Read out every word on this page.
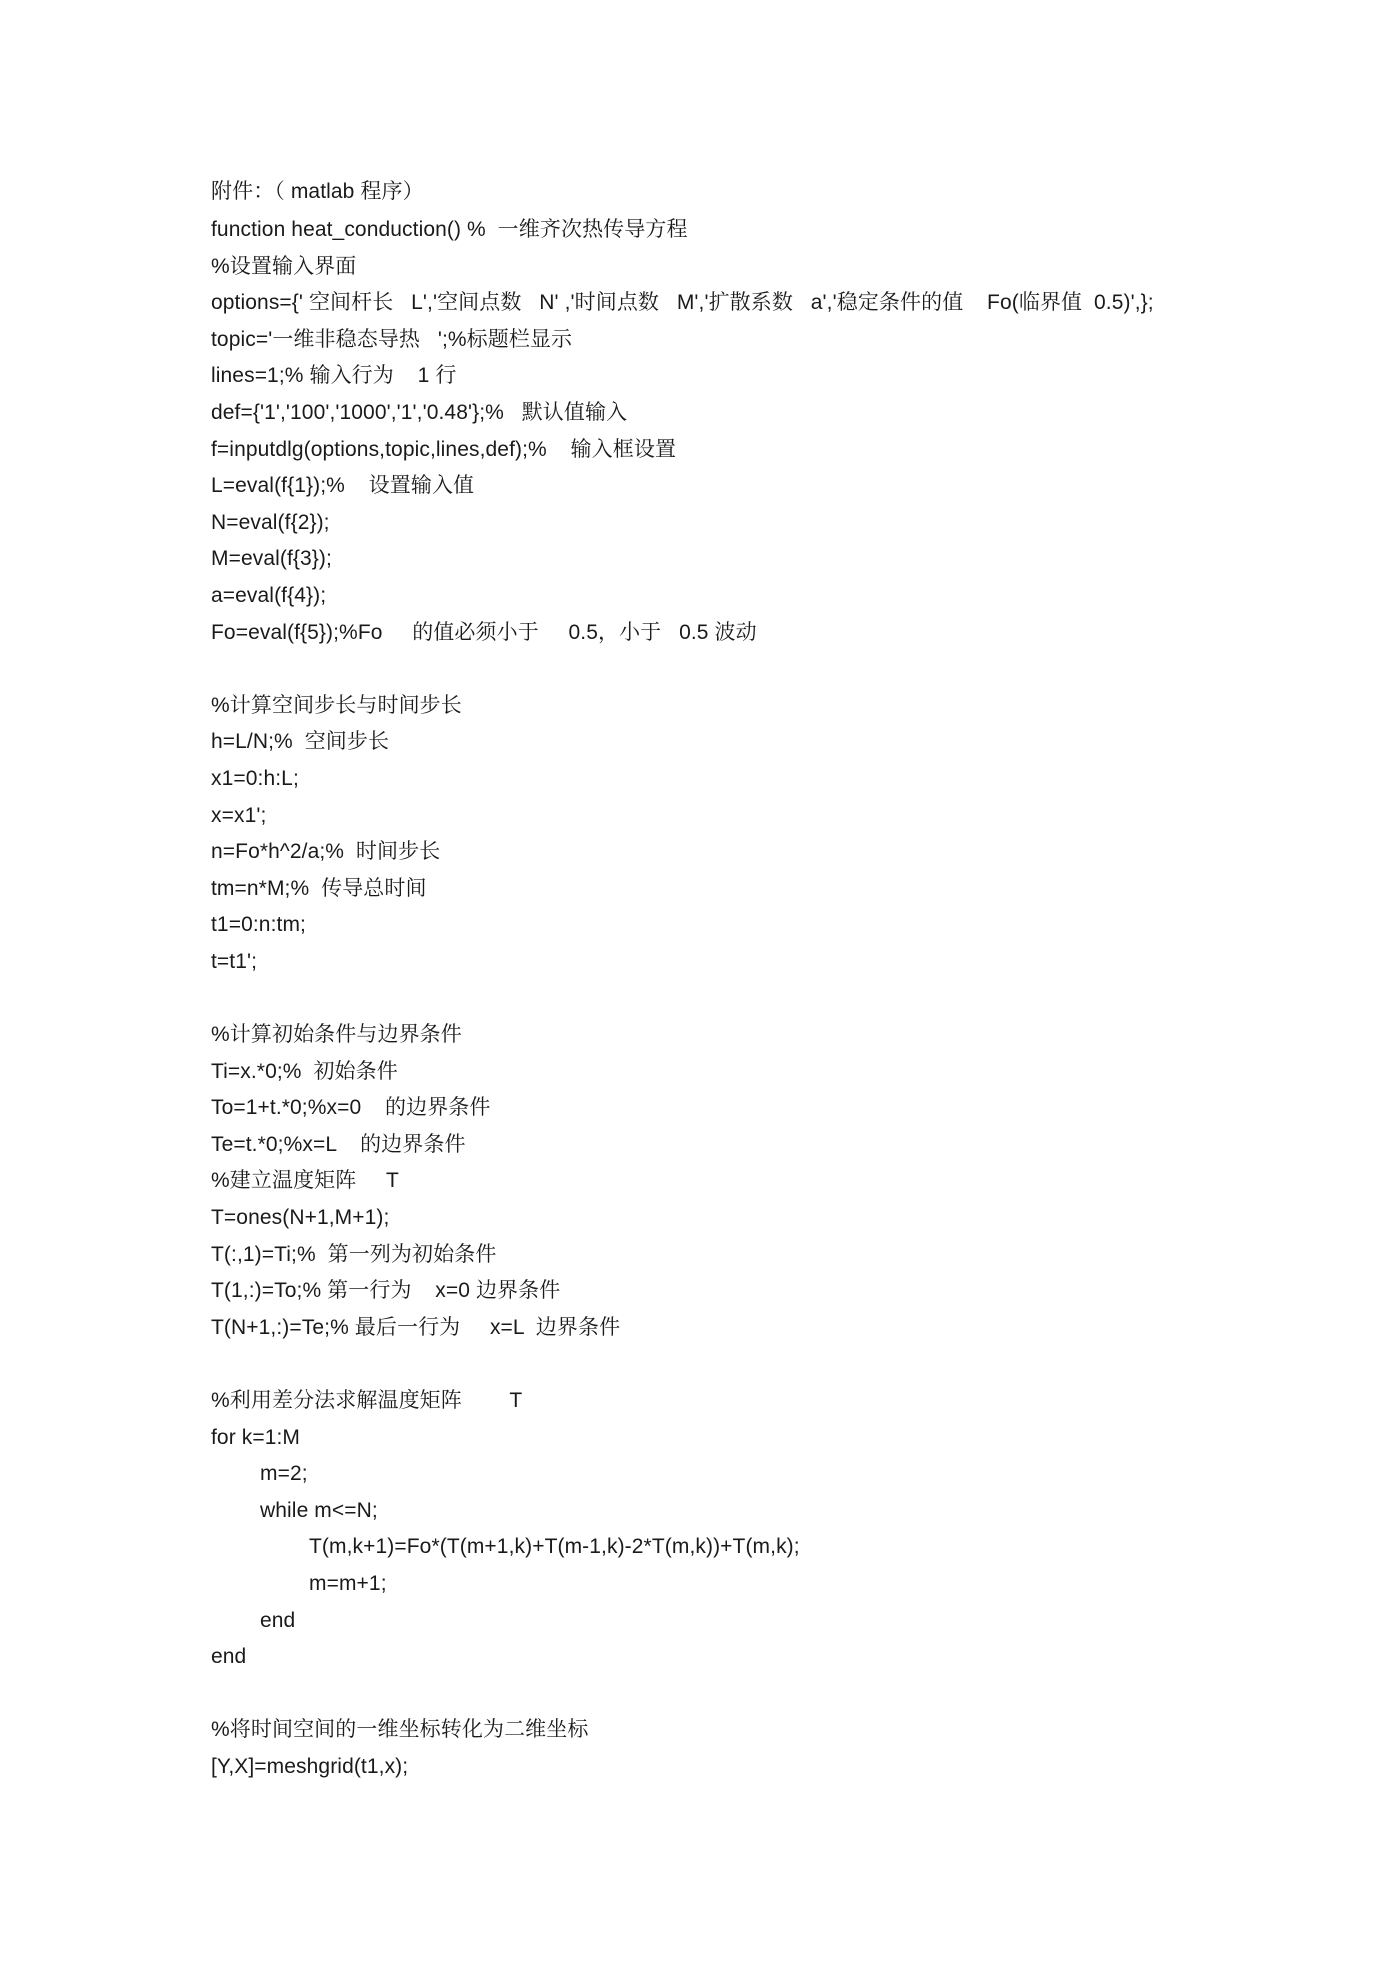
附件：（ matlab 程序）
function heat_conduction() %  一维齐次热传导方程
%设置输入界面
options={' 空间杆长   L','空间点数   N' ,'时间点数   M','扩散系数   a','稳定条件的值    Fo(临界值  0.5)',};
topic='一维非稳态导热   ';%标题栏显示
lines=1;% 输入行为    1 行
def={'1','100','1000','1','0.48'};%   默认值输入
f=inputdlg(options,topic,lines,def);%    输入框设置
L=eval(f{1});%    设置输入值
N=eval(f{2});
M=eval(f{3});
a=eval(f{4});
Fo=eval(f{5});%Fo     的值必须小于     0.5，小于   0.5 波动
%计算空间步长与时间步长
h=L/N;%  空间步长
x1=0:h:L;
x=x1';
n=Fo*h^2/a;%  时间步长
tm=n*M;%  传导总时间
t1=0:n:tm;
t=t1';
%计算初始条件与边界条件
Ti=x.*0;%  初始条件
To=1+t.*0;%x=0    的边界条件
Te=t.*0;%x=L    的边界条件
%建立温度矩阵     T
T=ones(N+1,M+1);
T(:,1)=Ti;%  第一列为初始条件
T(1,:)=To;% 第一行为    x=0 边界条件
T(N+1,:)=Te;% 最后一行为     x=L  边界条件
%利用差分法求解温度矩阵        T
for k=1:M
m=2;
while m<=N;
T(m,k+1)=Fo*(T(m+1,k)+T(m-1,k)-2*T(m,k))+T(m,k);
m=m+1;
end
end
%将时间空间的一维坐标转化为二维坐标
[Y,X]=meshgrid(t1,x);
